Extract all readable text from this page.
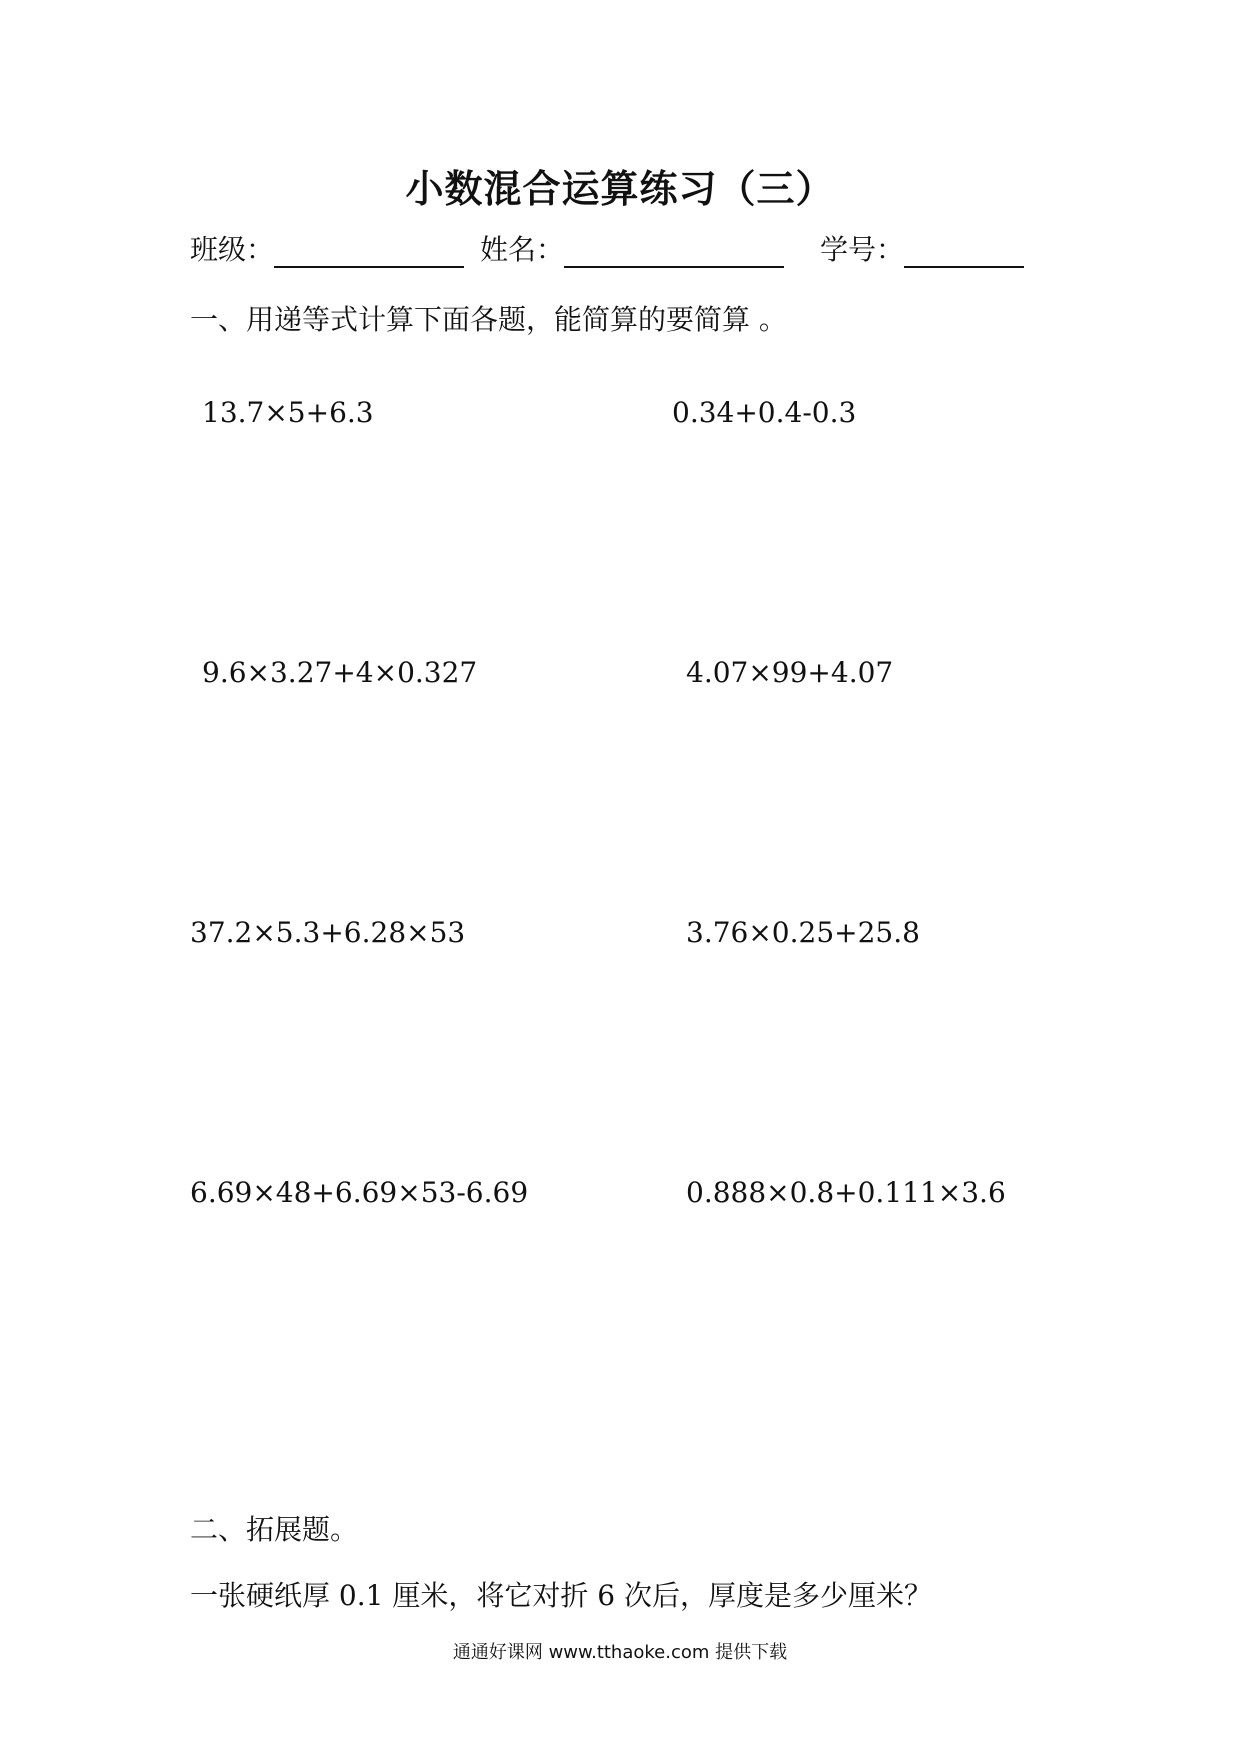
小数混合运算练习（三）
班级：	姓名：	学号：
一、用递等式计算下面各题，能简算的要简算 。
13.7×5+6.3	0.34+0.4-0.3
9.6×3.27+4×0.327	4.07×99+4.07
37.2×5.3+6.28×53	3.76×0.25+25.8
6.69×48+6.69×53-6.69	0.888×0.8+0.111×3.6
二、拓展题。
一张硬纸厚 0.1 厘米，将它对折 6 次后，厚度是多少厘米？
通通好课网 www.tthaoke.com 提供下载
